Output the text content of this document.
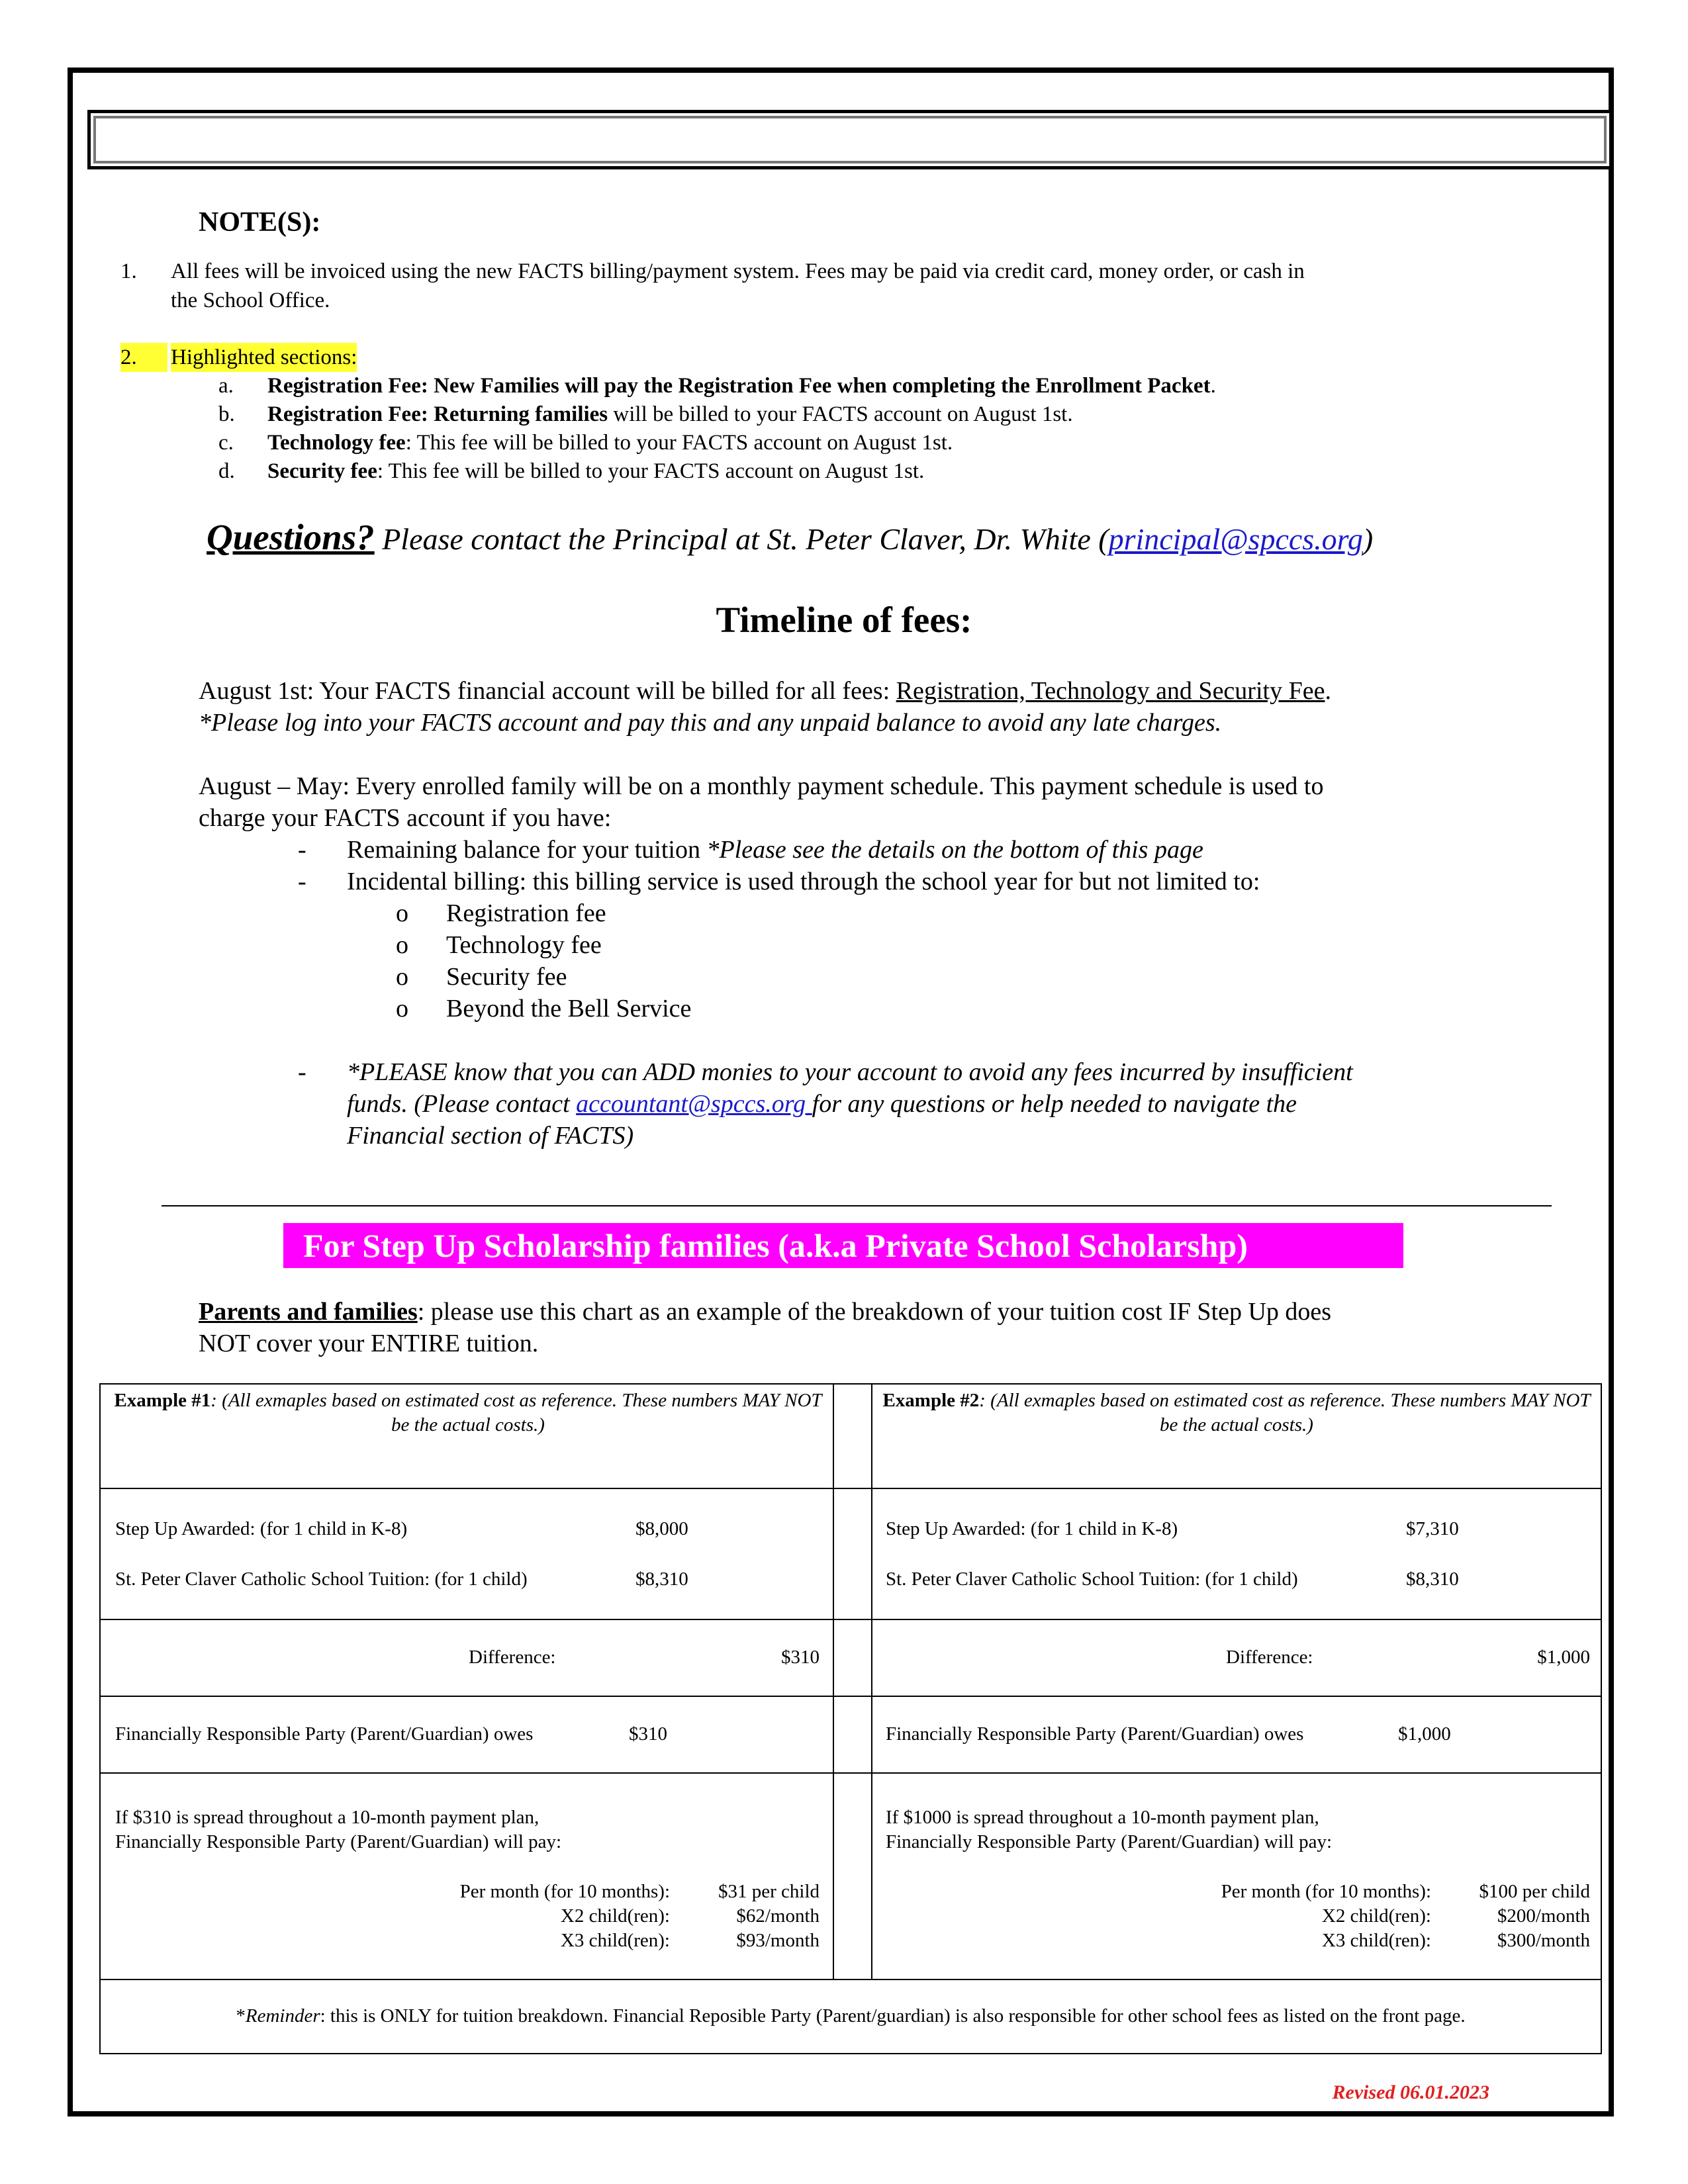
NOTE(S):
1. All fees will be invoiced using the new FACTS billing/payment system. Fees may be paid via credit card, money order, or cash in
the School Office.
2.	Highlighted sections:
a. Registration Fee: New Families will pay the Registration Fee when completing the Enrollment Packet.
b. Registration Fee: Returning families will be billed to your FACTS account on August 1st.
c. Technology fee: This fee will be billed to your FACTS account on August 1st.
d. Security fee: This fee will be billed to your FACTS account on August 1st.
Questions? Please contact the Principal at St. Peter Claver, Dr. White (principal@spccs.org)
Timeline of fees:
August 1st: Your FACTS financial account will be billed for all fees: Registration, Technology and Security Fee.
*Please log into your FACTS account and pay this and any unpaid balance to avoid any late charges.
August – May: Every enrolled family will be on a monthly payment schedule. This payment schedule is used to
charge your FACTS account if you have:
- Remaining balance for your tuition *Please see the details on the bottom of this page
- Incidental billing: this billing service is used through the school year for but not limited to:
o Registration fee
o Technology fee
o Security fee
o Beyond the Bell Service
- *PLEASE know that you can ADD monies to your account to avoid any fees incurred by insufficient
funds. (Please contact accountant@spccs.org for any questions or help needed to navigate the
Financial section of FACTS)
For Step Up Scholarship families (a.k.a Private School Scholarshp)
Parents and families: please use this chart as an example of the breakdown of your tuition cost IF Step Up does
NOT cover your ENTIRE tuition.
Example #1: (All exmaples based on estimated cost as reference. These numbers MAY NOT be the actual costs.)
Step Up Awarded: (for 1 child in K-8)	$8,000
St. Peter Claver Catholic School Tuition: (for 1 child)	$8,310
Difference:	$310
Financially Responsible Party (Parent/Guardian) owes	$310
If $310 is spread throughout a 10-month payment plan,
Financially Responsible Party (Parent/Guardian) will pay:
Per month (for 10 months):	$31 per child
X2 child(ren):	$62/month
X3 child(ren):	$93/month
Example #2: (All exmaples based on estimated cost as reference. These numbers MAY NOT be the actual costs.)
Step Up Awarded: (for 1 child in K-8)	$7,310
St. Peter Claver Catholic School Tuition: (for 1 child)	$8,310
Difference:	$1,000
Financially Responsible Party (Parent/Guardian) owes	$1,000
If $1000 is spread throughout a 10-month payment plan,
Financially Responsible Party (Parent/Guardian) will pay:
Per month (for 10 months):	$100 per child
X2 child(ren):	$200/month
X3 child(ren):	$300/month
*Reminder: this is ONLY for tuition breakdown. Financial Reposible Party (Parent/guardian) is also responsible for other school fees as listed on the front page.
Revised 06.01.2023
